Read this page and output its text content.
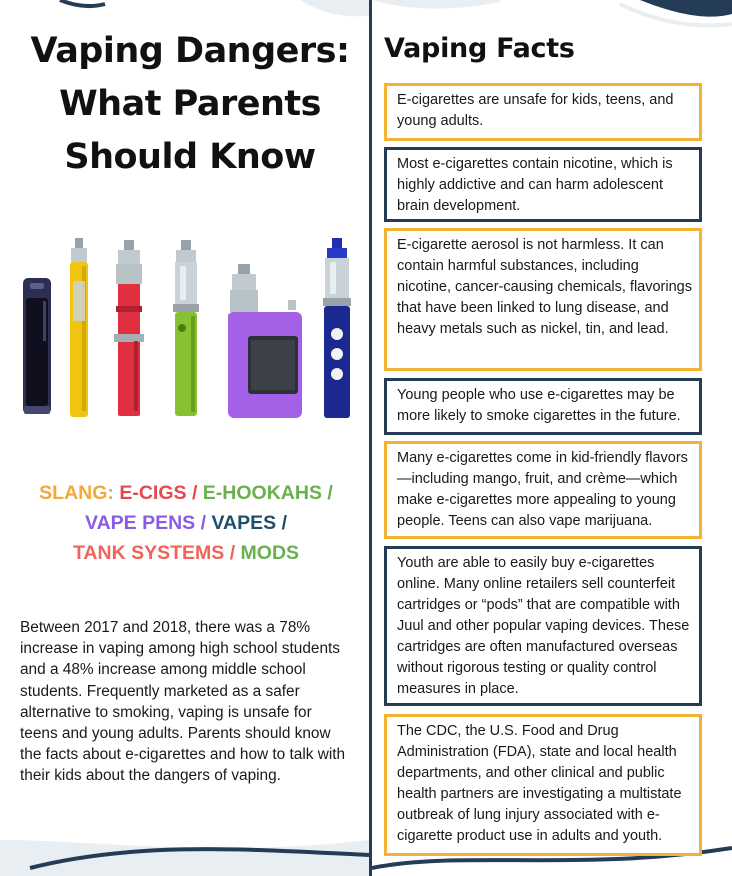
Vaping Dangers:
What Parents
Should Know
SLANG: E-CIGS / E-HOOKAHS /
VAPE PENS / VAPES /
TANK SYSTEMS / MODS

Between 2017 and 2018, there was a 78% increase in vaping among high school students and a 48% increase among middle school students. Frequently marketed as a safer alternative to smoking, vaping is unsafe for teens and young adults. Parents should know the facts about e-cigarettes and how to talk with their kids about the dangers of vaping.

Vaping Facts
E-cigarettes are unsafe for kids, teens, and young adults.
Most e-cigarettes contain nicotine, which is highly addictive and can harm adolescent brain development.
E-cigarette aerosol is not harmless. It can contain harmful substances, including nicotine, cancer-causing chemicals, flavorings that have been linked to lung disease, and heavy metals such as nickel, tin, and lead.
Young people who use e-cigarettes may be more likely to smoke cigarettes in the future.
Many e-cigarettes come in kid-friendly flavors—including mango, fruit, and crème—which make e-cigarettes more appealing to young people. Teens can also vape marijuana.
Youth are able to easily buy e-cigarettes online. Many online retailers sell counterfeit cartridges or “pods” that are compatible with Juul and other popular vaping devices. These cartridges are often manufactured overseas without rigorous testing or quality control measures in place.
The CDC, the U.S. Food and Drug Administration (FDA), state and local health departments, and other clinical and public health partners are investigating a multistate outbreak of lung injury associated with e-cigarette product use in adults and youth.
